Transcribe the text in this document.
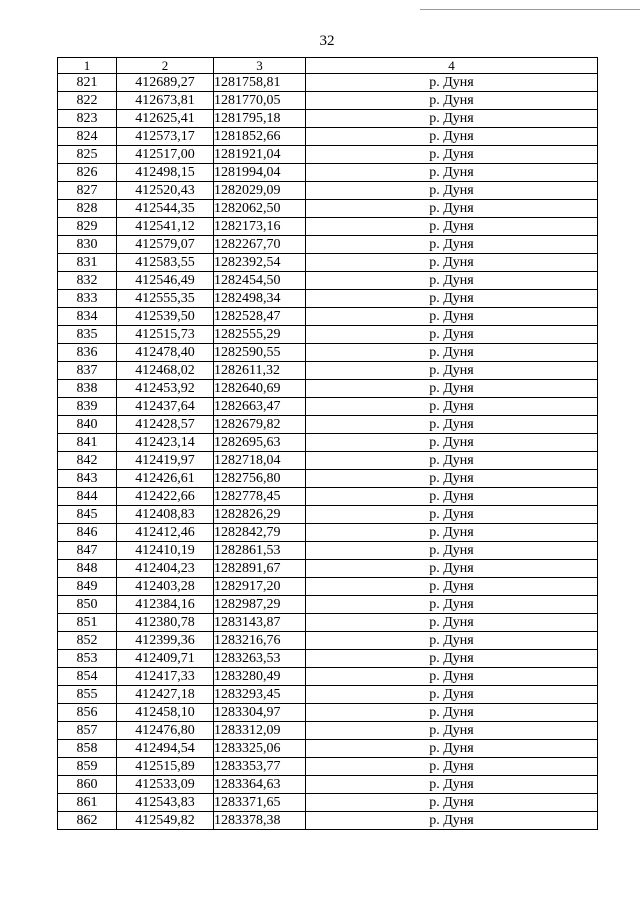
32
1	2	3	4
821	412689,27	1281758,81	р. Дуня
822	412673,81	1281770,05	р. Дуня
823	412625,41	1281795,18	р. Дуня
824	412573,17	1281852,66	р. Дуня
825	412517,00	1281921,04	р. Дуня
826	412498,15	1281994,04	р. Дуня
827	412520,43	1282029,09	р. Дуня
828	412544,35	1282062,50	р. Дуня
829	412541,12	1282173,16	р. Дуня
830	412579,07	1282267,70	р. Дуня
831	412583,55	1282392,54	р. Дуня
832	412546,49	1282454,50	р. Дуня
833	412555,35	1282498,34	р. Дуня
834	412539,50	1282528,47	р. Дуня
835	412515,73	1282555,29	р. Дуня
836	412478,40	1282590,55	р. Дуня
837	412468,02	1282611,32	р. Дуня
838	412453,92	1282640,69	р. Дуня
839	412437,64	1282663,47	р. Дуня
840	412428,57	1282679,82	р. Дуня
841	412423,14	1282695,63	р. Дуня
842	412419,97	1282718,04	р. Дуня
843	412426,61	1282756,80	р. Дуня
844	412422,66	1282778,45	р. Дуня
845	412408,83	1282826,29	р. Дуня
846	412412,46	1282842,79	р. Дуня
847	412410,19	1282861,53	р. Дуня
848	412404,23	1282891,67	р. Дуня
849	412403,28	1282917,20	р. Дуня
850	412384,16	1282987,29	р. Дуня
851	412380,78	1283143,87	р. Дуня
852	412399,36	1283216,76	р. Дуня
853	412409,71	1283263,53	р. Дуня
854	412417,33	1283280,49	р. Дуня
855	412427,18	1283293,45	р. Дуня
856	412458,10	1283304,97	р. Дуня
857	412476,80	1283312,09	р. Дуня
858	412494,54	1283325,06	р. Дуня
859	412515,89	1283353,77	р. Дуня
860	412533,09	1283364,63	р. Дуня
861	412543,83	1283371,65	р. Дуня
862	412549,82	1283378,38	р. Дуня
